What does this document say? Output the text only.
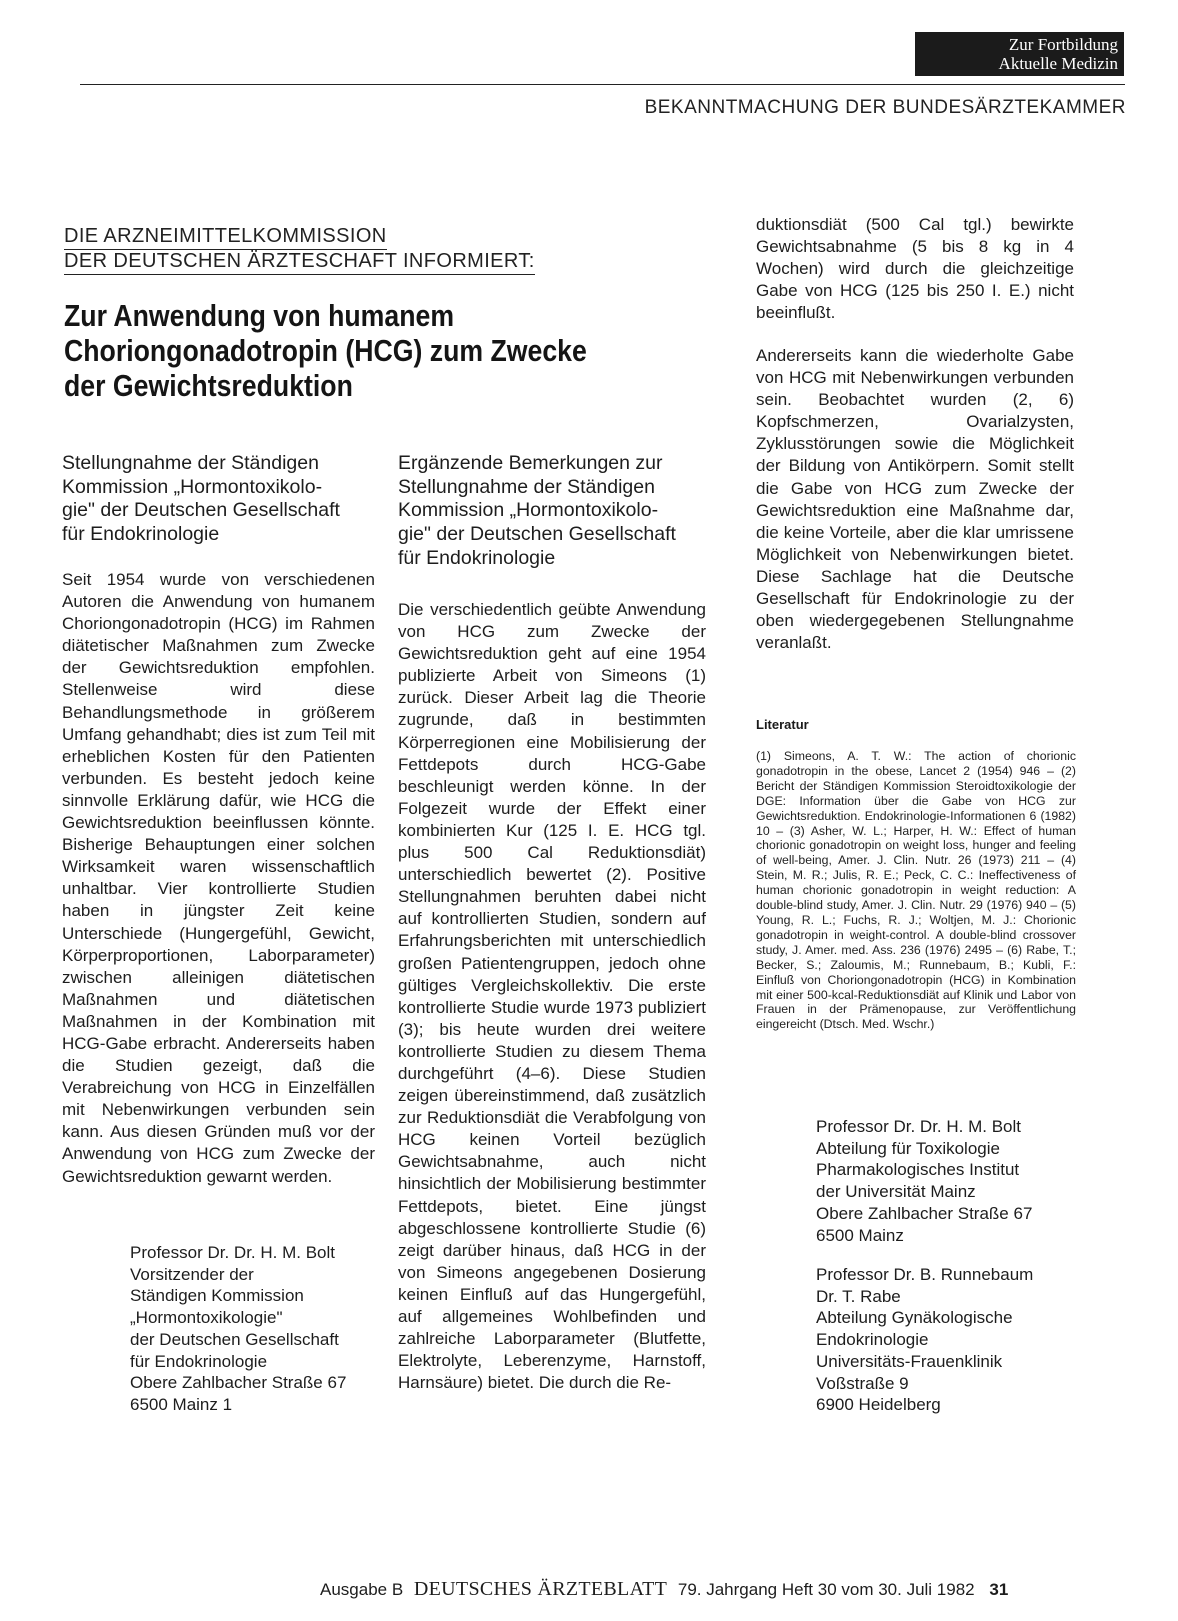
Zur Fortbildung
Aktuelle Medizin
BEKANNTMACHUNG DER BUNDESÄRZTEKAMMER
DIE ARZNEIMITTELKOMMISSION
DER DEUTSCHEN ÄRZTESCHAFT INFORMIERT:
Zur Anwendung von humanem
Choriongonadotropin (HCG) zum Zwecke
der Gewichtsreduktion
Stellungnahme der Ständigen
Kommission „Hormontoxikolo-
gie" der Deutschen Gesellschaft
für Endokrinologie
Seit 1954 wurde von verschiedenen Autoren die Anwendung von humanem Choriongonadotropin (HCG) im Rahmen diätetischer Maßnahmen zum Zwecke der Gewichtsreduktion empfohlen. Stellenweise wird diese Behandlungsmethode in größerem Umfang gehandhabt; dies ist zum Teil mit erheblichen Kosten für den Patienten verbunden. Es besteht jedoch keine sinnvolle Erklärung dafür, wie HCG die Gewichtsreduktion beeinflussen könnte. Bisherige Behauptungen einer solchen Wirksamkeit waren wissenschaftlich unhaltbar. Vier kontrollierte Studien haben in jüngster Zeit keine Unterschiede (Hungergefühl, Gewicht, Körperproportionen, Laborparameter) zwischen alleinigen diätetischen Maßnahmen und diätetischen Maßnahmen in der Kombination mit HCG-Gabe erbracht. Andererseits haben die Studien gezeigt, daß die Verabreichung von HCG in Einzelfällen mit Nebenwirkungen verbunden sein kann. Aus diesen Gründen muß vor der Anwendung von HCG zum Zwecke der Gewichtsreduktion gewarnt werden.
Professor Dr. Dr. H. M. Bolt
Vorsitzender der
Ständigen Kommission
„Hormontoxikologie"
der Deutschen Gesellschaft
für Endokrinologie
Obere Zahlbacher Straße 67
6500 Mainz 1
Ergänzende Bemerkungen zur
Stellungnahme der Ständigen
Kommission „Hormontoxikolo-
gie" der Deutschen Gesellschaft
für Endokrinologie
Die verschiedentlich geübte Anwendung von HCG zum Zwecke der Gewichtsreduktion geht auf eine 1954 publizierte Arbeit von Simeons (1) zurück. Dieser Arbeit lag die Theorie zugrunde, daß in bestimmten Körperregionen eine Mobilisierung der Fettdepots durch HCG-Gabe beschleunigt werden könne. In der Folgezeit wurde der Effekt einer kombinierten Kur (125 I. E. HCG tgl. plus 500 Cal Reduktionsdiät) unterschiedlich bewertet (2). Positive Stellungnahmen beruhten dabei nicht auf kontrollierten Studien, sondern auf Erfahrungsberichten mit unterschiedlich großen Patientengruppen, jedoch ohne gültiges Vergleichskollektiv. Die erste kontrollierte Studie wurde 1973 publiziert (3); bis heute wurden drei weitere kontrollierte Studien zu diesem Thema durchgeführt (4–6). Diese Studien zeigen übereinstimmend, daß zusätzlich zur Reduktionsdiät die Verabfolgung von HCG keinen Vorteil bezüglich Gewichtsabnahme, auch nicht hinsichtlich der Mobilisierung bestimmter Fettdepots, bietet. Eine jüngst abgeschlossene kontrollierte Studie (6) zeigt darüber hinaus, daß HCG in der von Simeons angegebenen Dosierung keinen Einfluß auf das Hungergefühl, auf allgemeines Wohlbefinden und zahlreiche Laborparameter (Blutfette, Elektrolyte, Leberenzyme, Harnstoff, Harnsäure) bietet. Die durch die Re-
duktionsdiät (500 Cal tgl.) bewirkte Gewichtsabnahme (5 bis 8 kg in 4 Wochen) wird durch die gleichzeitige Gabe von HCG (125 bis 250 I. E.) nicht beeinflußt.
Andererseits kann die wiederholte Gabe von HCG mit Nebenwirkungen verbunden sein. Beobachtet wurden (2, 6) Kopfschmerzen, Ovarialzysten, Zyklusstörungen sowie die Möglichkeit der Bildung von Antikörpern. Somit stellt die Gabe von HCG zum Zwecke der Gewichtsreduktion eine Maßnahme dar, die keine Vorteile, aber die klar umrissene Möglichkeit von Nebenwirkungen bietet. Diese Sachlage hat die Deutsche Gesellschaft für Endokrinologie zu der oben wiedergegebenen Stellungnahme veranlaßt.
Literatur
(1) Simeons, A. T. W.: The action of chorionic gonadotropin in the obese, Lancet 2 (1954) 946 – (2) Bericht der Ständigen Kommission Steroidtoxikologie der DGE: Information über die Gabe von HCG zur Gewichtsreduktion. Endokrinologie-Informationen 6 (1982) 10 – (3) Asher, W. L.; Harper, H. W.: Effect of human chorionic gonadotropin on weight loss, hunger and feeling of well-being, Amer. J. Clin. Nutr. 26 (1973) 211 – (4) Stein, M. R.; Julis, R. E.; Peck, C. C.: Ineffectiveness of human chorionic gonadotropin in weight reduction: A double-blind study, Amer. J. Clin. Nutr. 29 (1976) 940 – (5) Young, R. L.; Fuchs, R. J.; Woltjen, M. J.: Chorionic gonadotropin in weight-control. A double-blind crossover study, J. Amer. med. Ass. 236 (1976) 2495 – (6) Rabe, T.; Becker, S.; Zaloumis, M.; Runnebaum, B.; Kubli, F.: Einfluß von Choriongonadotropin (HCG) in Kombination mit einer 500-kcal-Reduktionsdiät auf Klinik und Labor von Frauen in der Prämenopause, zur Veröffentlichung eingereicht (Dtsch. Med. Wschr.)
Professor Dr. Dr. H. M. Bolt
Abteilung für Toxikologie
Pharmakologisches Institut
der Universität Mainz
Obere Zahlbacher Straße 67
6500 Mainz
Professor Dr. B. Runnebaum
Dr. T. Rabe
Abteilung Gynäkologische
Endokrinologie
Universitäts-Frauenklinik
Voßstraße 9
6900 Heidelberg
Ausgabe B DEUTSCHES ÄRZTEBLATT 79. Jahrgang Heft 30 vom 30. Juli 1982 31
